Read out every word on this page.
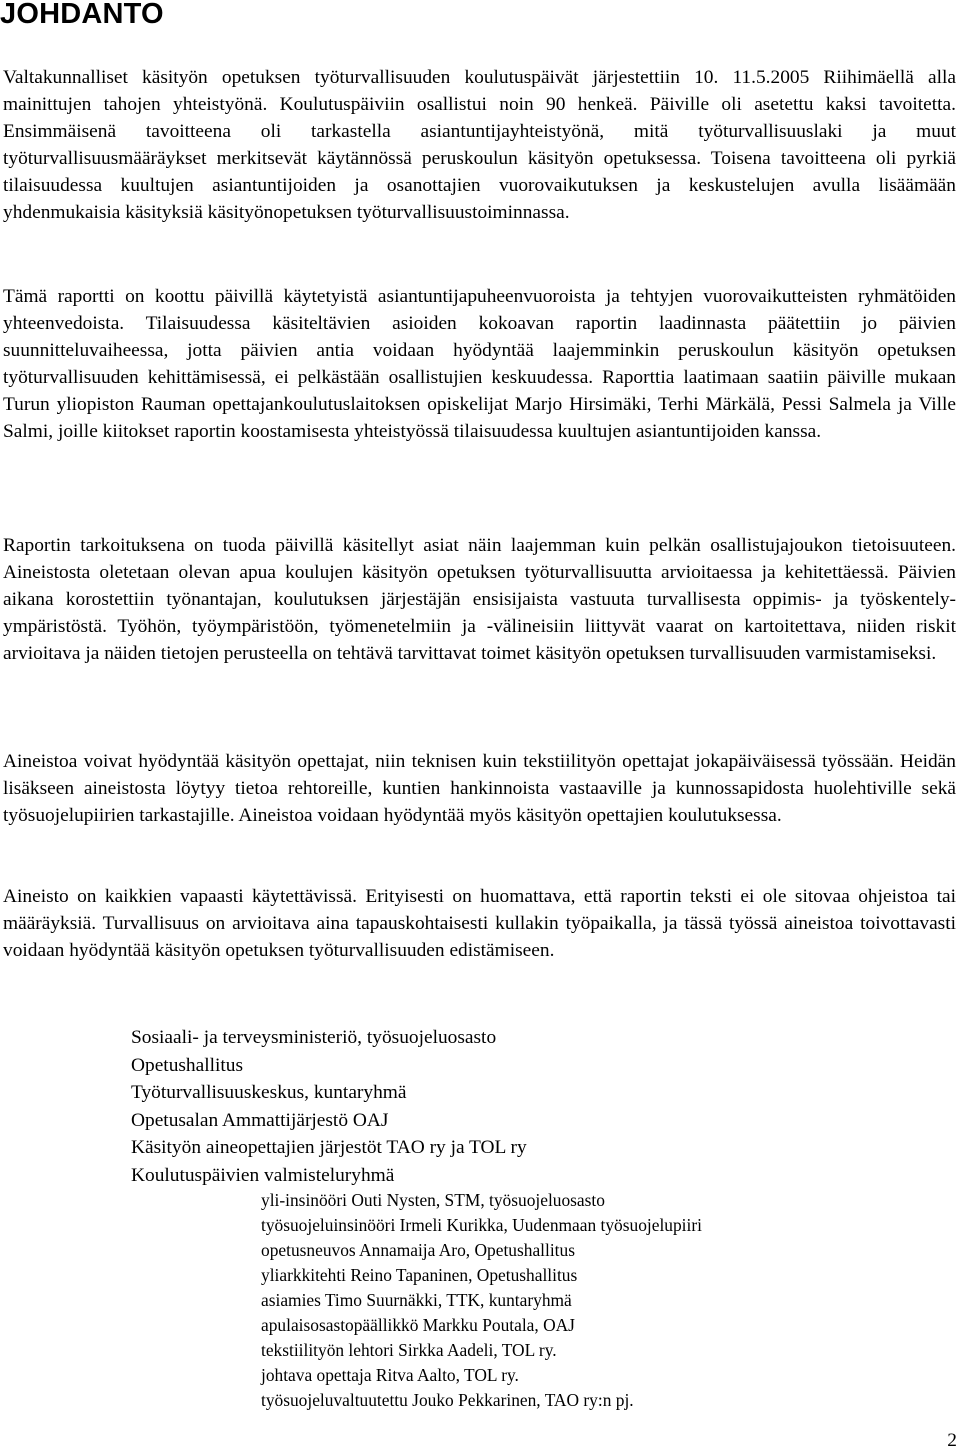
JOHDANTO

Valtakunnalliset käsityön opetuksen työturvallisuuden koulutuspäivät järjestettiin 10. 11.5.2005 Riihimäellä alla mainittujen tahojen yhteistyönä. Koulutuspäiviin osallistui noin 90 henkeä. Päiville oli asetettu kaksi tavoitetta. Ensimmäisenä tavoitteena oli tarkastella asiantuntijayhteistyönä, mitä työturvallisuuslaki ja muut työturvallisuusmääräykset merkitsevät käytännössä peruskoulun käsityön opetuksessa. Toisena tavoitteena oli pyrkiä tilaisuudessa kuultujen asiantuntijoiden ja osanottajien vuorovaikutuksen ja keskustelujen avulla lisäämään yhdenmukaisia käsityksiä käsityönopetuksen työturvallisuustoiminnassa.

Tämä raportti on koottu päivillä käytetyistä asiantuntijapuheenvuoroista ja tehtyjen vuorovaikutteisten ryhmätöiden yhteenvedoista. Tilaisuudessa käsiteltävien asioiden kokoavan raportin laadinnasta päätettiin jo päivien suunnitteluvaiheessa, jotta päivien antia voidaan hyödyntää laajemminkin peruskoulun käsityön opetuksen työturvallisuuden kehittämisessä, ei pelkästään osallistujien keskuudessa. Raporttia laatimaan saatiin päiville mukaan Turun yliopiston Rauman opettajankoulutuslaitoksen opiskelijat Marjo Hirsimäki, Terhi Märkälä, Pessi Salmela ja Ville Salmi, joille kiitokset raportin koostamisesta yhteistyössä tilaisuudessa kuultujen asiantuntijoiden kanssa.

Raportin tarkoituksena on tuoda päivillä käsitellyt asiat näin laajemman kuin pelkän osallistujajoukon tietoisuuteen. Aineistosta oletetaan olevan apua koulujen käsityön opetuksen työturvallisuutta arvioitaessa ja kehitettäessä. Päivien aikana korostettiin työnantajan, koulutuksen järjestäjän ensisijaista vastuuta turvallisesta oppimis- ja työskentely-ympäristöstä. Työhön, työympäristöön, työmenetelmiin ja -välineisiin liittyvät vaarat on kartoitettava, niiden riskit arvioitava ja näiden tietojen perusteella on tehtävä tarvittavat toimet käsityön opetuksen turvallisuuden varmistamiseksi.

Aineistoa voivat hyödyntää käsityön opettajat, niin teknisen kuin tekstiilityön opettajat jokapäiväisessä työssään. Heidän lisäkseen aineistosta löytyy tietoa rehtoreille, kuntien hankinnoista vastaaville ja kunnossapidosta huolehtiville sekä työsuojelupiirien tarkastajille. Aineistoa voidaan hyödyntää myös käsityön opettajien koulutuksessa.

Aineisto on kaikkien vapaasti käytettävissä. Erityisesti on huomattava, että raportin teksti ei ole sitovaa ohjeistoa tai määräyksiä. Turvallisuus on arvioitava aina tapauskohtaisesti kullakin työpaikalla, ja tässä työssä aineistoa toivottavasti voidaan hyödyntää käsityön opetuksen työturvallisuuden edistämiseen.

Sosiaali- ja terveysministeriö, työsuojeluosasto
Opetushallitus
Työturvallisuuskeskus, kuntaryhmä
Opetusalan Ammattijärjestö OAJ
Käsityön aineopettajien järjestöt TAO ry ja TOL ry
Koulutuspäivien valmisteluryhmä
yli-insinööri Outi Nysten, STM, työsuojeluosasto
työsuojeluinsinööri Irmeli Kurikka, Uudenmaan työsuojelupiiri
opetusneuvos Annamaija Aro, Opetushallitus
yliarkkitehti Reino Tapaninen, Opetushallitus
asiamies Timo Suurnäkki, TTK, kuntaryhmä
apulaisosastopäällikkö Markku Poutala, OAJ
tekstiilityön lehtori Sirkka Aadeli, TOL ry.
johtava opettaja Ritva Aalto, TOL ry.
työsuojeluvaltuutettu Jouko Pekkarinen, TAO ry:n pj.
2
